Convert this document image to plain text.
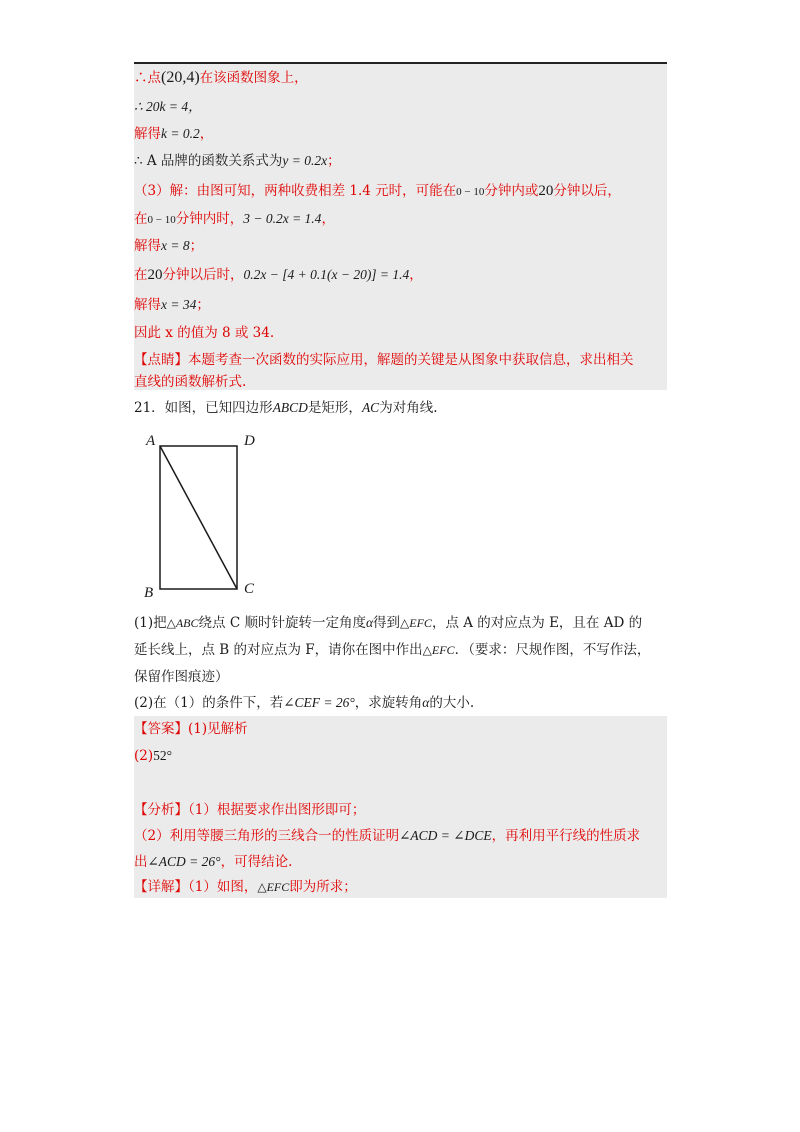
∴点(20,4)在该函数图象上，
∴ 20k = 4，
解得k = 0.2，
∴ A 品牌的函数关系式为y = 0.2x；
（3）解：由图可知，两种收费相差 1.4 元时，可能在0 − 10分钟内或20分钟以后，
在0 − 10分钟内时，3 − 0.2x = 1.4，
解得x = 8；
在20分钟以后时，0.2x − [4 + 0.1(x − 20)] = 1.4，
解得x = 34；
因此 x 的值为 8 或 34.
【点睛】本题考查一次函数的实际应用，解题的关键是从图象中获取信息，求出相关
直线的函数解析式.
21．如图，已知四边形ABCD是矩形，AC为对角线.
A	D
B	C
(1)把△ABC绕点 C 顺时针旋转一定角度α得到△EFC，点 A 的对应点为 E，且在 AD 的
延长线上，点 B 的对应点为 F，请你在图中作出△EFC．（要求：尺规作图，不写作法，
保留作图痕迹）
(2)在（1）的条件下，若∠CEF = 26°，求旋转角α的大小.
【答案】(1)见解析
(2)52°
【分析】（1）根据要求作出图形即可；
（2）利用等腰三角形的三线合一的性质证明∠ACD = ∠DCE，再利用平行线的性质求
出∠ACD = 26°，可得结论.
【详解】（1）如图，△EFC即为所求；
